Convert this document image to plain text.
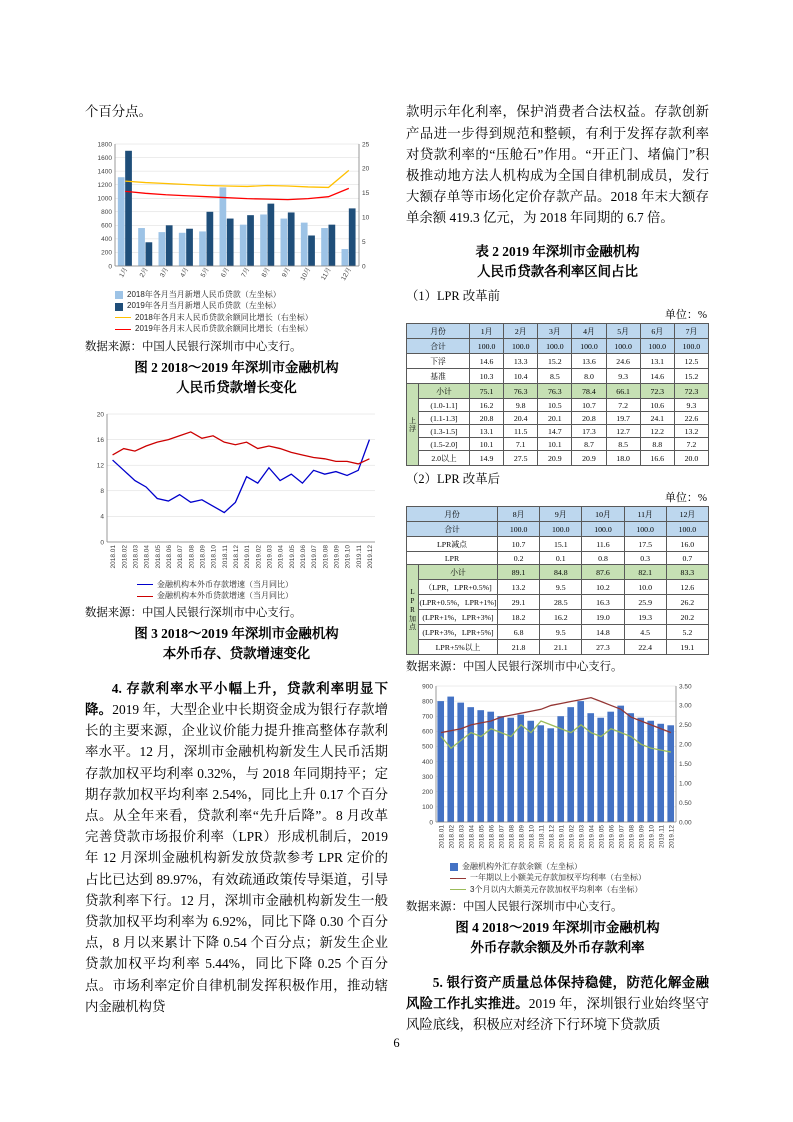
个百分点。

0
200
400
600
800
1000
1200
1400
1600
1800
0
5
10
15
20
25
1月 2月 3月 4月 5月 6月 7月 8月 9月 10月 11月 12月
2018年各月当月新增人民币贷款（左坐标）
2019年各月当月新增人民币贷款（左坐标）
2018年各月末人民币贷款余额同比增长（右坐标）
2019年各月末人民币贷款余额同比增长（右坐标）

数据来源：中国人民银行深圳市中心支行。

图 2 2018～2019 年深圳市金融机构
人民币贷款增长变化

0
4
8
12
16
20
2018.01 2018.02 2018.03 2018.04 2018.05 2018.06 2018.07 2018.08 2018.09 2018.10 2018.11 2018.12 2019.01 2019.02 2019.03 2019.04 2019.05 2019.06 2019.07 2019.08 2019.09 2019.10 2019.11 2019.12
金融机构本外币存款增速（当月同比）
金融机构本外币贷款增速（当月同比）

数据来源：中国人民银行深圳市中心支行。

图 3 2018～2019 年深圳市金融机构
本外币存、贷款增速变化

4. 存款利率水平小幅上升，贷款利率明显下降。2019 年，大型企业中长期资金成为银行存款增长的主要来源，企业议价能力提升推高整体存款利率水平。12 月，深圳市金融机构新发生人民币活期存款加权平均利率 0.32%，与 2018 年同期持平；定期存款加权平均利率 2.54%，同比上升 0.17 个百分点。从全年来看，贷款利率“先升后降”。8 月改革完善贷款市场报价利率（LPR）形成机制后，2019 年 12 月深圳金融机构新发放贷款参考 LPR 定价的占比已达到 89.97%，有效疏通政策传导渠道，引导贷款利率下行。12 月，深圳市金融机构新发生一般贷款加权平均利率为 6.92%，同比下降 0.30 个百分点，8 月以来累计下降 0.54 个百分点；新发生企业贷款加权平均利率 5.44%，同比下降 0.25 个百分点。市场利率定价自律机制发挥积极作用，推动辖内金融机构贷

款明示年化利率，保护消费者合法权益。存款创新产品进一步得到规范和整顿，有利于发挥存款利率对贷款利率的“压舱石”作用。“开正门、堵偏门”积极推动地方法人机构成为全国自律机制成员，发行大额存单等市场化定价存款产品。2018 年末大额存单余额 419.3 亿元，为 2018 年同期的 6.7 倍。

表 2 2019 年深圳市金融机构
人民币贷款各利率区间占比

（1）LPR 改革前
单位：%
月份		1月	2月	3月	4月	5月	6月	7月
合计		100.0	100.0	100.0	100.0	100.0	100.0	100.0
下浮		14.6	13.3	15.2	13.6	24.6	13.1	12.5
基准		10.3	10.4	8.5	8.0	9.3	14.6	15.2
上浮	小计	75.1	76.3	76.3	78.4	66.1	72.3	72.3
	(1.0-1.1]	16.2	9.8	10.5	10.7	7.2	10.6	9.3
	(1.1-1.3]	20.8	20.4	20.1	20.8	19.7	24.1	22.6
	(1.3-1.5]	13.1	11.5	14.7	17.3	12.7	12.2	13.2
	(1.5-2.0]	10.1	7.1	10.1	8.7	8.5	8.8	7.2
	2.0以上	14.9	27.5	20.9	20.9	18.0	16.6	20.0
（2）LPR 改革后
单位：%
月份		8月	9月	10月	11月	12月
合计		100.0	100.0	100.0	100.0	100.0
LPR减点		10.7	15.1	11.6	17.5	16.0
LPR		0.2	0.1	0.8	0.3	0.7
LPR加点	小计	89.1	84.8	87.6	82.1	83.3
	（LPR，LPR+0.5%]	13.2	9.5	10.2	10.0	12.6
	(LPR+0.5%，LPR+1%]	29.1	28.5	16.3	25.9	26.2
	(LPR+1%，LPR+3%]	18.2	16.2	19.0	19.3	20.2
	(LPR+3%，LPR+5%]	6.8	9.5	14.8	4.5	5.2
	LPR+5%以上	21.8	21.1	27.3	22.4	19.1

数据来源：中国人民银行深圳市中心支行。

0
100
200
300
400
500
600
700
800
900
0.00
0.50
1.00
1.50
2.00
2.50
3.00
3.50
2018.01 2018.02 2018.03 2018.04 2018.05 2018.06 2018.07 2018.08 2018.09 2018.10 2018.11 2018.12 2019.01 2019.02 2019.03 2019.04 2019.05 2019.06 2019.07 2019.08 2019.09 2019.10 2019.11 2019.12
金融机构外汇存款余额（左坐标）
一年期以上小额美元存款加权平均利率（右坐标）
3个月以内大额美元存款加权平均利率（右坐标）

数据来源：中国人民银行深圳市中心支行。

图 4 2018～2019 年深圳市金融机构
外币存款余额及外币存款利率

5. 银行资产质量总体保持稳健，防范化解金融风险工作扎实推进。2019 年，深圳银行业始终坚守风险底线，积极应对经济下行环境下贷款质

6
